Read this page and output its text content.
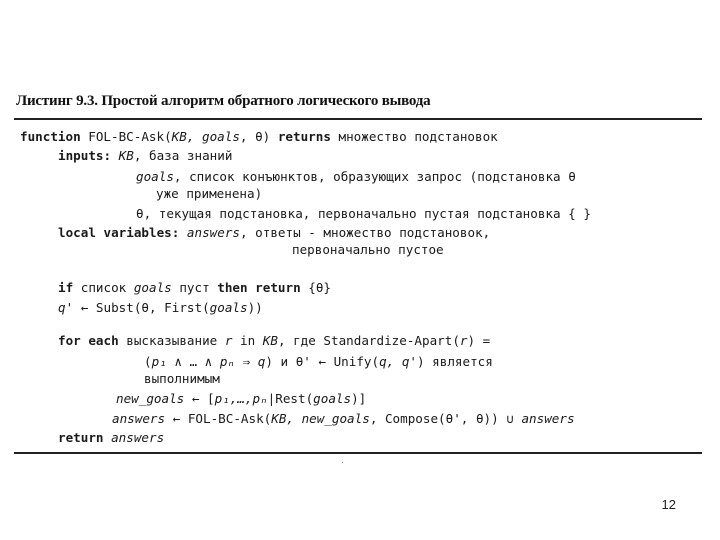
Листинг 9.3. Простой алгоритм обратного логического вывода
function FOL-BC-Ask(KB, goals, θ) returns множество подстановок
inputs: KB, база знаний
goals, список конъюнктов, образующих запрос (подстановка θ
уже применена)
θ, текущая подстановка, первоначально пустая подстановка { }
local variables: answers, ответы - множество подстановок,
первоначально пустое
if список goals пуст then return {θ}
q' ← Subst(θ, First(goals))
for each высказывание r in KB, где Standardize-Apart(r) =
(p₁ ∧ … ∧ pₙ ⇒ q) и θ' ← Unify(q, q') является
выполнимым
new_goals ← [p₁,…,pₙ|Rest(goals)]
answers ← FOL-BC-Ask(KB, new_goals, Compose(θ', θ)) ∪ answers
return answers
·
12
